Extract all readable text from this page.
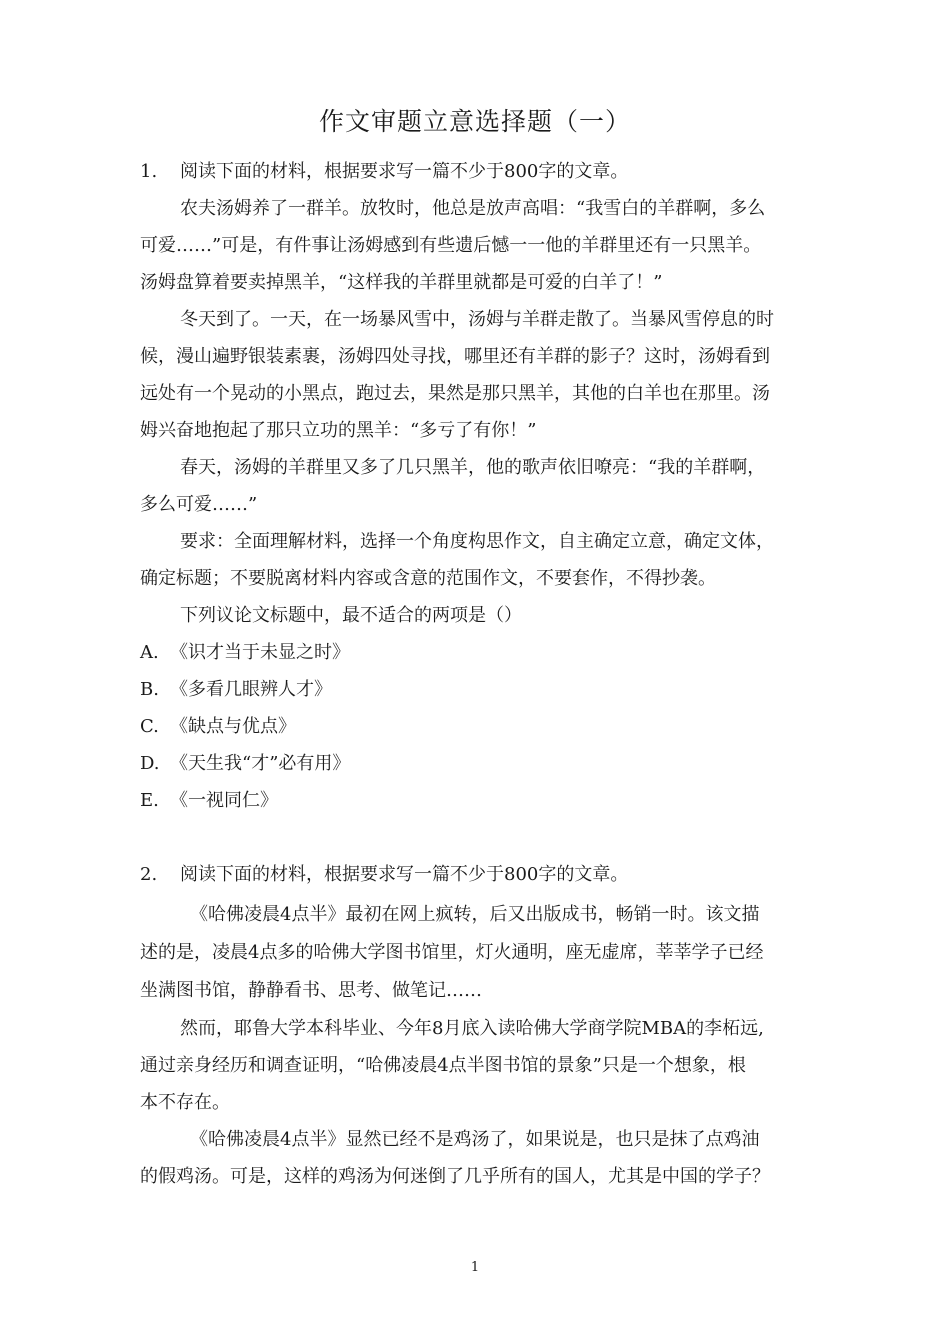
作文审题立意选择题（一）
1. 阅读下面的材料，根据要求写一篇不少于800字的文章。
农夫汤姆养了一群羊。放牧时，他总是放声高唱：“我雪白的羊群啊，多么
可爱……”可是，有件事让汤姆感到有些遗后憾一一他的羊群里还有一只黑羊。
汤姆盘算着要卖掉黑羊，“这样我的羊群里就都是可爱的白羊了！”
冬天到了。一天，在一场暴风雪中，汤姆与羊群走散了。当暴风雪停息的时
候，漫山遍野银装素裹，汤姆四处寻找，哪里还有羊群的影子？这时，汤姆看到
远处有一个晃动的小黑点，跑过去，果然是那只黑羊，其他的白羊也在那里。汤
姆兴奋地抱起了那只立功的黑羊：“多亏了有你！”
春天，汤姆的羊群里又多了几只黑羊，他的歌声依旧嘹亮：“我的羊群啊，
多么可爱……”
要求：全面理解材料，选择一个角度构思作文，自主确定立意，确定文体，
确定标题；不要脱离材料内容或含意的范围作文，不要套作，不得抄袭。
下列议论文标题中，最不适合的两项是（）
A. 《识才当于未显之时》
B. 《多看几眼辨人才》
C. 《缺点与优点》
D. 《天生我“才”必有用》
E. 《一视同仁》
2. 阅读下面的材料，根据要求写一篇不少于800字的文章。
《哈佛凌晨4点半》最初在网上疯转，后又出版成书，畅销一时。该文描
述的是，凌晨4点多的哈佛大学图书馆里，灯火通明，座无虚席，莘莘学子已经
坐满图书馆，静静看书、思考、做笔记……
然而，耶鲁大学本科毕业、今年8月底入读哈佛大学商学院MBA的李柘远,
通过亲身经历和调查证明，“哈佛凌晨4点半图书馆的景象”只是一个想象，根
本不存在。
《哈佛凌晨4点半》显然已经不是鸡汤了，如果说是，也只是抹了点鸡油
的假鸡汤。可是，这样的鸡汤为何迷倒了几乎所有的国人，尤其是中国的学子？
1
